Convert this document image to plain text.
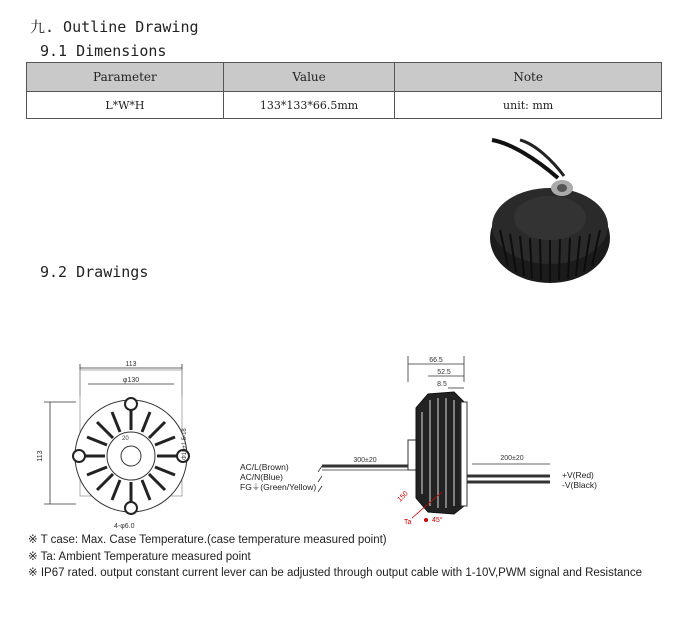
九. Outline Drawing
9.1 Dimensions
Parameter	Value	Note
L*W*H	133*133*66.5mm	unit: mm
9.2 Drawings
113
φ130
113
20	Φ10±1 5-18
4-φ6.0
66.5
52.5
8.5
300±20	200±20
150
Ta	45°
AC/L(Brown)
AC/N(Blue)
FG⏚(Green/Yellow)
+V(Red)
-V(Black)
※ T case: Max. Case Temperature.(case temperature measured point)
※ Ta: Ambient Temperature measured point
※ IP67 rated. output constant current lever can be adjusted through output cable with 1-10V,PWM signal and Resistance
